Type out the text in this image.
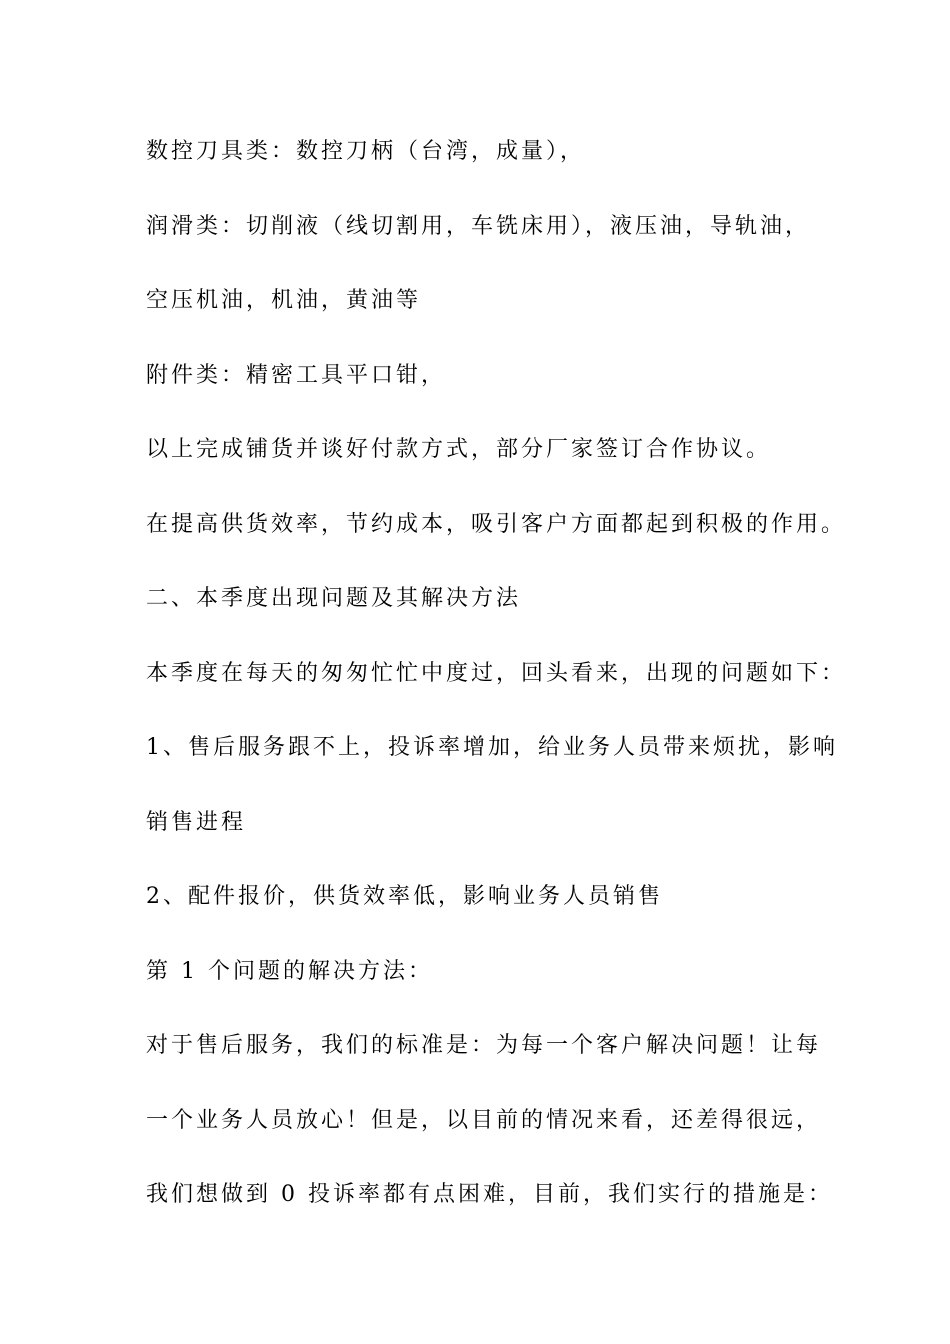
数控刀具类：数控刀柄（台湾，成量），

润滑类：切削液（线切割用，车铣床用），液压油，导轨油，

空压机油，机油，黄油等

附件类：精密工具平口钳，

以上完成铺货并谈好付款方式，部分厂家签订合作协议。

在提高供货效率，节约成本，吸引客户方面都起到积极的作用。

二、本季度出现问题及其解决方法

本季度在每天的匆匆忙忙中度过，回头看来，出现的问题如下：

1、售后服务跟不上，投诉率增加，给业务人员带来烦扰，影响

销售进程

2、配件报价，供货效率低，影响业务人员销售

第 1 个问题的解决方法：

对于售后服务，我们的标准是：为每一个客户解决问题！让每

一个业务人员放心！但是，以目前的情况来看，还差得很远，

我们想做到 0 投诉率都有点困难，目前，我们实行的措施是：
